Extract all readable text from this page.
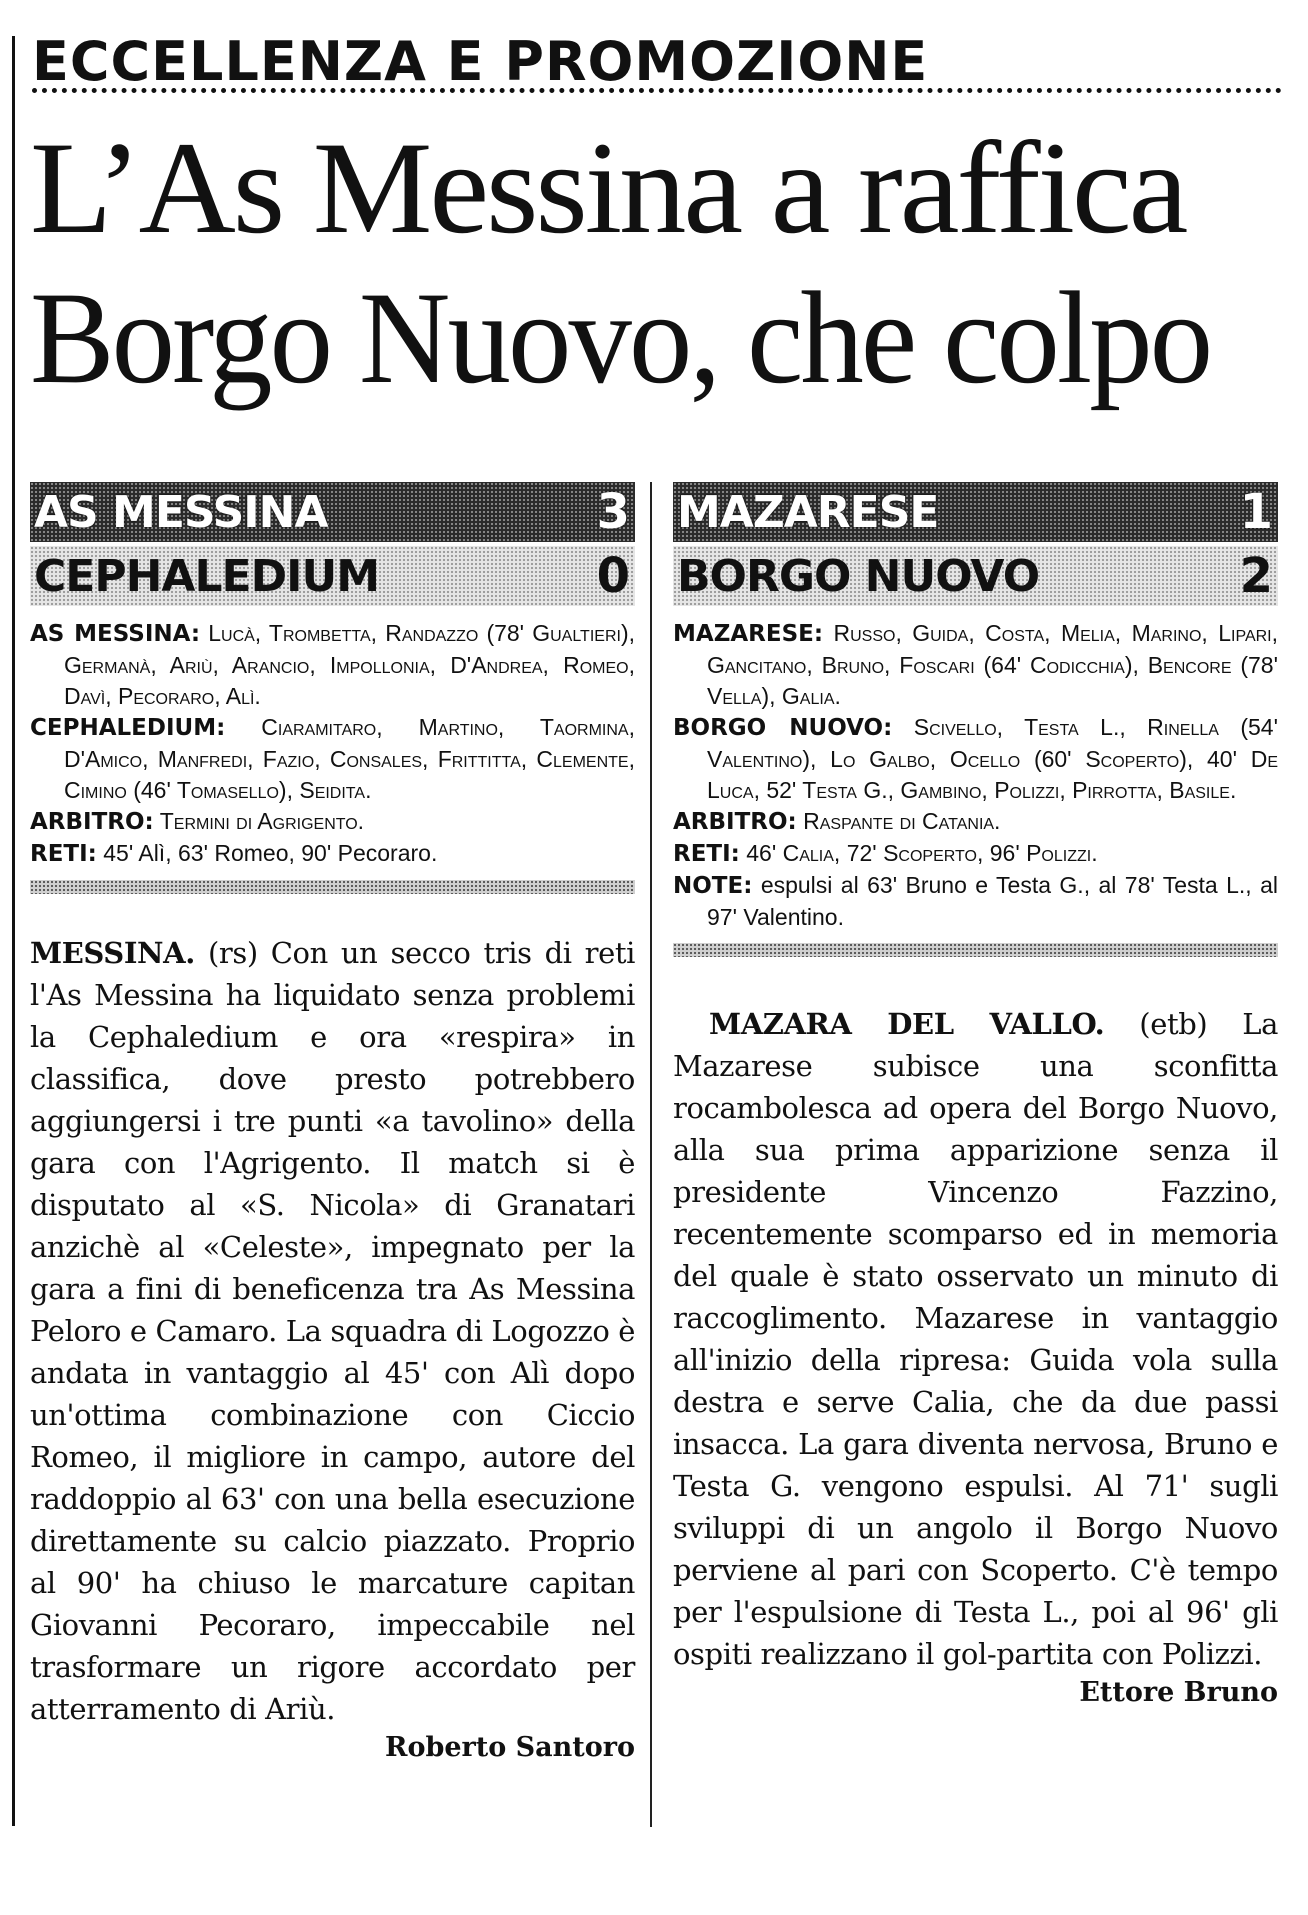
ECCELLENZA E PROMOZIONE
L’As Messina a raffica
Borgo Nuovo, che colpo
AS MESSINA	3
CEPHALEDIUM	0

AS MESSINA: Lucà, Trombetta, Randazzo (78' Gualtieri), Germanà, Ariù, Arancio, Impollonia, D'Andrea, Romeo, Davì, Pecoraro, Alì.

CEPHALEDIUM: Ciaramitaro, Martino, Taormina, D'Amico, Manfredi, Fazio, Consales, Frittitta, Clemente, Cimino (46' Tomasello), Seidita.

ARBITRO: Termini di Agrigento.

RETI: 45' Alì, 63' Romeo, 90' Pecoraro.

MESSINA. (rs) Con un secco tris di reti l'As Messina ha liquidato senza problemi la Cephaledium e ora «respira» in classifica, dove presto potrebbero aggiungersi i tre punti «a tavolino» della gara con l'Agrigento. Il match si è disputato al «S. Nicola» di Granatari anzichè al «Celeste», impegnato per la gara a fini di beneficenza tra As Messina Peloro e Camaro. La squadra di Logozzo è andata in vantaggio al 45' con Alì dopo un'ottima combinazione con Ciccio Romeo, il migliore in campo, autore del raddoppio al 63' con una bella esecuzione direttamente su calcio piazzato. Proprio al 90' ha chiuso le marcature capitan Giovanni Pecoraro, impeccabile nel trasformare un rigore accordato per atterramento di Ariù.
Roberto Santoro
MAZARESE	1
BORGO NUOVO	2

MAZARESE: Russo, Guida, Costa, Melia, Marino, Lipari, Gancitano, Bruno, Foscari (64' Codicchia), Bencore (78' Vella), Galia.

BORGO NUOVO: Scivello, Testa L., Rinella (54' Valentino), Lo Galbo, Ocello (60' Scoperto), 40' De Luca, 52' Testa G., Gambino, Polizzi, Pirrotta, Basile.

ARBITRO: Raspante di Catania.

RETI: 46' Calia, 72' Scoperto, 96' Polizzi.

NOTE: espulsi al 63' Bruno e Testa G., al 78' Testa L., al 97' Valentino.

MAZARA DEL VALLO. (etb) La Mazarese subisce una sconfitta rocambolesca ad opera del Borgo Nuovo, alla sua prima apparizione senza il presidente Vincenzo Fazzino, recentemente scomparso ed in memoria del quale è stato osservato un minuto di raccoglimento. Mazarese in vantaggio all'inizio della ripresa: Guida vola sulla destra e serve Calia, che da due passi insacca. La gara diventa nervosa, Bruno e Testa G. vengono espulsi. Al 71' sugli sviluppi di un angolo il Borgo Nuovo perviene al pari con Scoperto. C'è tempo per l'espulsione di Testa L., poi al 96' gli ospiti realizzano il gol-partita con Polizzi.
Ettore Bruno
